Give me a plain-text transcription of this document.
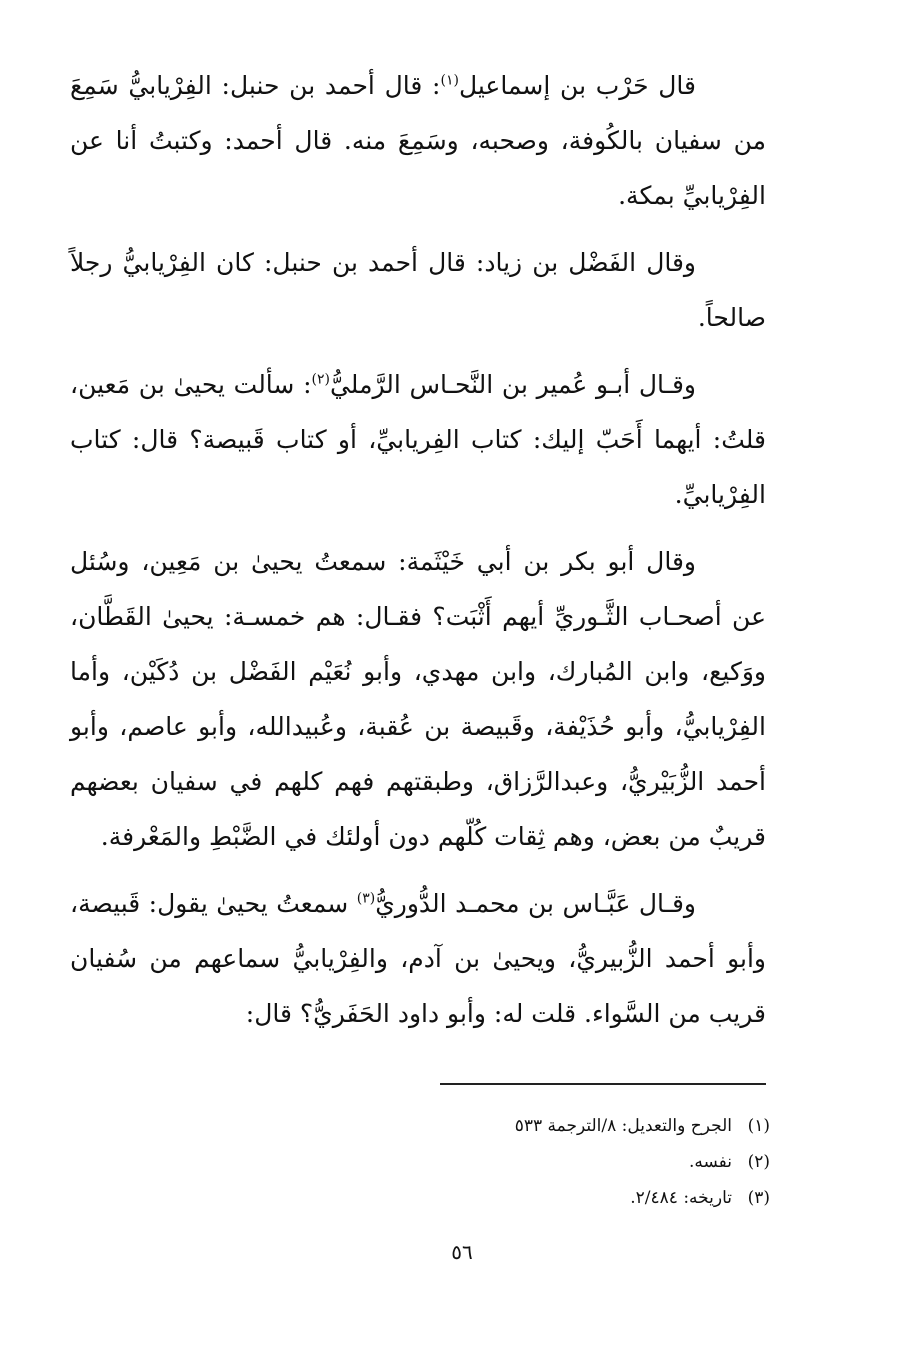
قال حَرْب بن إسماعيل$^{(١)}$: قال أحمد بن حنبل: الفِرْيابيُّ سَمِعَ من سفيان بالكُوفة، وصحبه، وسَمِعَ منه. قال أحمد: وكتبتُ أنا عن الفِرْيابيِّ بمكة.

وقال الفَضْل بن زياد: قال أحمد بن حنبل: كان الفِرْيابيُّ رجلاً صالحاً.

وقـال أبـو عُمير بن النَّحـاس الرَّمليُّ$^{(٢)}$: سألت يحيىٰ بن مَعين، قلتُ: أيهما أَحَبّ إليك: كتاب الفِريابيِّ، أو كتاب قَبيصة؟ قال: كتاب الفِرْيابيِّ.

وقال أبو بكر بن أبي خَيْثَمة: سمعتُ يحيىٰ بن مَعِين، وسُئل عن أصحـاب الثَّـوريِّ أيهم أَثْبَت؟ فقـال: هم خمسـة: يحيىٰ القَطَّان، ووَكيع، وابن المُبارك، وابن مهدي، وأبو نُعَيْم الفَضْل بن دُكَيْن، وأما الفِرْيابيُّ، وأبو حُذَيْفة، وقَبيصة بن عُقبة، وعُبيدالله، وأبو عاصم، وأبو أحمد الزُّبَيْريُّ، وعبدالرَّزاق، وطبقتهم فهم كلهم في سفيان بعضهم قريبٌ من بعض، وهم ثِقات كُلّهم دون أولئك في الضَّبْطِ والمَعْرفة.

وقـال عَبَّـاس بن محمـد الدُّوريُّ$^{(٣)}$ سمعتُ يحيىٰ يقول: قَبيصة، وأبو أحمد الزُّبيريُّ، ويحيىٰ بن آدم، والفِرْيابيُّ سماعهم من سُفيان قريب من السَّواء. قلت له: وأبو داود الحَفَريُّ؟ قال:

(١)
الجرح والتعديل: ٨/الترجمة ٥٣٣
(٢)
نفسه.
(٣)
تاريخه: ٢/٤٨٤.
٥٦
